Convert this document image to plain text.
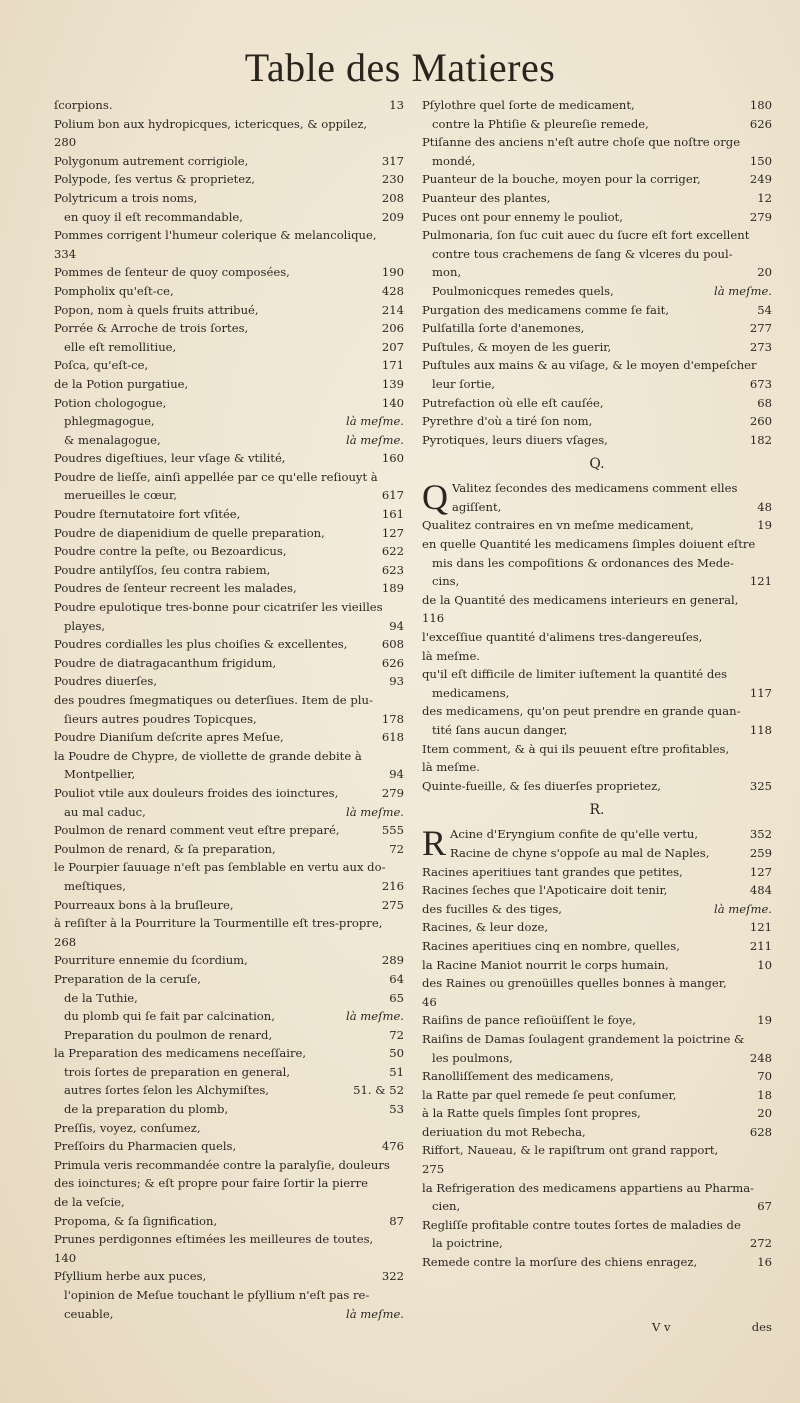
Table des Matieres
ſcorpions.	13
Polium bon aux hydropicques, ictericques, & oppilez,
280
Polygonum autrement corrigiole,	317
Polypode, ſes vertus & proprietez,	230
Polytricum a trois noms,	208
en quoy il eſt recommandable,	209
Pommes corrigent l'humeur colerique & melancolique,
334
Pommes de ſenteur de quoy composées,	190
Pompholix qu'eſt-ce,	428
Popon, nom à quels fruits attribué,	214
Porrée & Arroche de trois ſortes,	206
elle eſt remollitiue,	207
Poſca, qu'eſt-ce,	171
de la Potion purgatiue,	139
Potion chologogue,	140
phlegmagogue,	là meſme.
& menalagogue,	là meſme.
Poudres digeſtiues, leur vſage & vtilité,	160
Poudre de lieſſe, ainſi appellée par ce qu'elle reſiouyt à
merueilles le cœur,	617
Poudre ſternutatoire fort vſitée,	161
Poudre de diapenidium de quelle preparation,	127
Poudre contre la peſte, ou Bezoardicus,	622
Poudre antilyſſos, ſeu contra rabiem,	623
Poudres de ſenteur recreent les malades,	189
Poudre epulotique tres-bonne pour cicatriſer les vieilles
playes,	94
Poudres cordialles les plus choiſies & excellentes,	608
Poudre de diatragacanthum frigidum,	626
Poudres diuerſes,	93
des poudres ſmegmatiques ou deterſiues. Item de plu-
ſieurs autres poudres Topicques,	178
Poudre Dianiſum deſcrite apres Meſue,	618
la Poudre de Chypre, de viollette de grande debite à
Montpellier,	94
Pouliot vtile aux douleurs froides des ioinctures,	279
au mal caduc,	là meſme.
Poulmon de renard comment veut eſtre preparé,	555
Poulmon de renard, & ſa preparation,	72
le Pourpier ſauuage n'eſt pas ſemblable en vertu aux do-
meſtiques,	216
Pourreaux bons à la bruſleure,	275
à reſiſter à la Pourriture la Tourmentille eſt tres-propre,
268
Pourriture ennemie du ſcordium,	289
Preparation de la ceruſe,	64
de la Tuthie,	65
du plomb qui ſe fait par calcination,	là meſme.
Preparation du poulmon de renard,	72
la Preparation des medicamens neceſſaire,	50
trois ſortes de preparation en general,	51
autres ſortes ſelon les Alchymiſtes,	51. & 52
de la preparation du plomb,	53
Preſſis, voyez, conſumez,
Preſſoirs du Pharmacien quels,	476
Primula veris recommandée contre la paralyſie, douleurs
des ioinctures; & eſt propre pour faire ſortir la pierre
de la veſcie,
Propoma, & ſa ſignification,	87
Prunes perdigonnes eſtimées les meilleures de toutes,
140
Pſyllium herbe aux puces,	322
l'opinion de Meſue touchant le pſyllium n'eſt pas re-
ceuable,	là meſme.
Pſylothre quel ſorte de medicament,	180
contre la Phtiſie & pleureſie remede,	626
Ptiſanne des anciens n'eſt autre choſe que noſtre orge
mondé,	150
Puanteur de la bouche, moyen pour la corriger,	249
Puanteur des plantes,	12
Puces ont pour ennemy le pouliot,	279
Pulmonaria, ſon ſuc cuit auec du ſucre eſt fort excellent
contre tous crachemens de ſang & vlceres du poul-
mon,	20
Poulmonicques remedes quels,	là meſme.
Purgation des medicamens comme ſe fait,	54
Pulſatilla ſorte d'anemones,	277
Puſtules, & moyen de les guerir,	273
Puſtules aux mains & au viſage, & le moyen d'empeſcher
leur ſortie,	673
Putrefaction où elle eſt cauſée,	68
Pyrethre d'où a tiré ſon nom,	260
Pyrotiques, leurs diuers vſages,	182
Q.
Q Valitez ſecondes des medicamens comment elles
agiſſent,	48
Qualitez contraires en vn meſme medicament,	19
en quelle Quantité les medicamens ſimples doiuent eſtre
mis dans les compoſitions & ordonances des Mede-
cins,	121
de la Quantité des medicamens interieurs en general,
116
l'exceſſiue quantité d'alimens tres-dangereuſes,
là meſme.
qu'il eſt difficile de limiter iuſtement la quantité des
medicamens,	117
des medicamens, qu'on peut prendre en grande quan-
tité ſans aucun danger,	118
Item comment, & à qui ils peuuent eſtre profitables,
là meſme.
Quinte-fueille, & ſes diuerſes proprietez,	325
R.
R Acine d'Eryngium confite de qu'elle vertu,	352
Racine de chyne s'oppoſe au mal de Naples,	259
Racines aperitiues tant grandes que petites,	127
Racines ſeches que l'Apoticaire doit tenir,	484
des fucilles & des tiges,	là meſme.
Racines, & leur doze,	121
Racines aperitiues cinq en nombre, quelles,	211
la Racine Maniot nourrit le corps humain,	10
des Raines ou grenoüilles quelles bonnes à manger,
46
Raiſins de pance reſioüiſſent le foye,	19
Raiſins de Damas ſoulagent grandement la poictrine &
les poulmons,	248
Ranolliſſement des medicamens,	70
la Ratte par quel remede ſe peut conſumer,	18
à la Ratte quels ſimples ſont propres,	20
deriuation du mot Rebecha,	628
Riffort, Naueau, & le rapiſtrum ont grand rapport,
275
la Refrigeration des medicamens appartiens au Pharma-
cien,	67
Regliſſe profitable contre toutes ſortes de maladies de
la poictrine,	272
Remede contre la morſure des chiens enragez,	16
V v	des
